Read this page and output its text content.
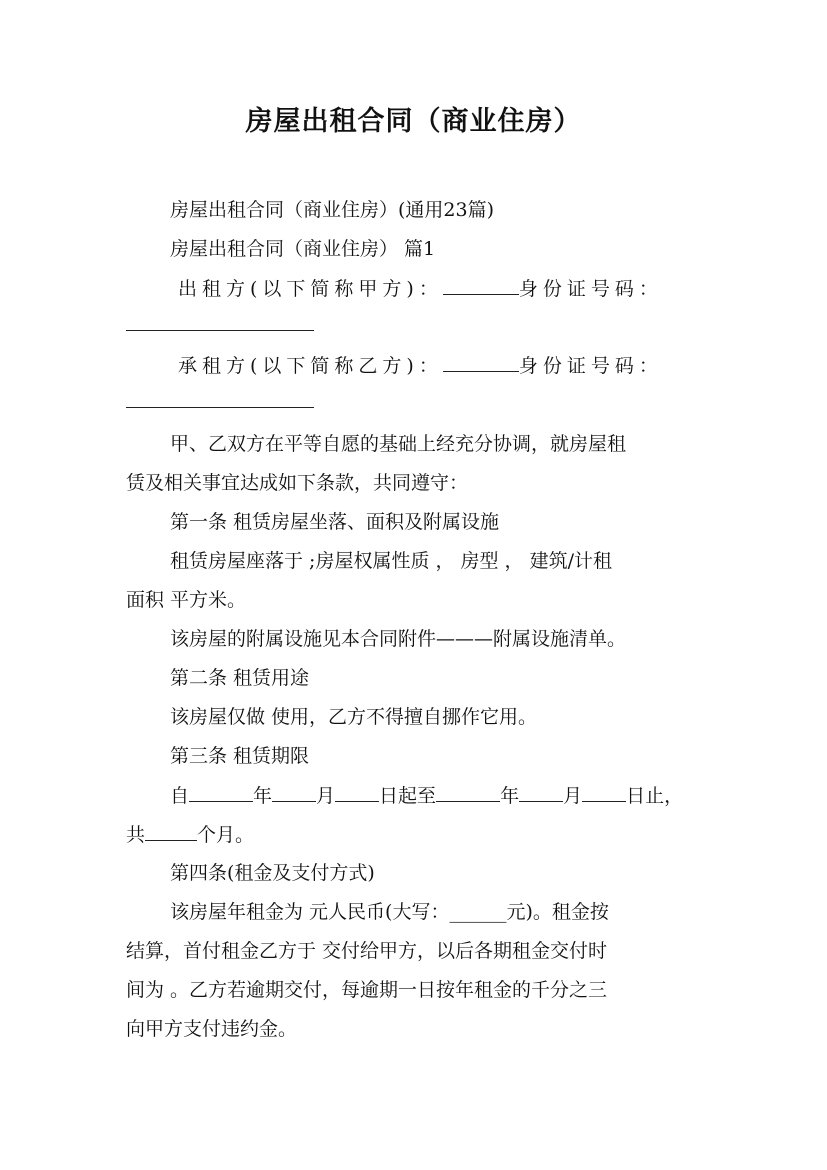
房屋出租合同（商业住房）
房屋出租合同（商业住房）(通用23篇)
房屋出租合同（商业住房） 篇1
出租方(以下简称甲方)：	身份证号码：
承租方(以下简称乙方)：	身份证号码：
甲、乙双方在平等自愿的基础上经充分协调，就房屋租
赁及相关事宜达成如下条款，共同遵守：
第一条 租赁房屋坐落、面积及附属设施
租赁房屋座落于 ;房屋权属性质 ， 房型 ， 建筑/计租
面积 平方米。
该房屋的附属设施见本合同附件———附属设施清单。
第二条 租赁用途
该房屋仅做 使用，乙方不得擅自挪作它用。
第三条 租赁期限
自	年 月 日起至	年 月 日止，
共	个月。
第四条(租金及支付方式)
该房屋年租金为 元人民币(大写：______元)。租金按
结算，首付租金乙方于 交付给甲方，以后各期租金交付时
间为 。乙方若逾期交付，每逾期一日按年租金的千分之三
向甲方支付违约金。
